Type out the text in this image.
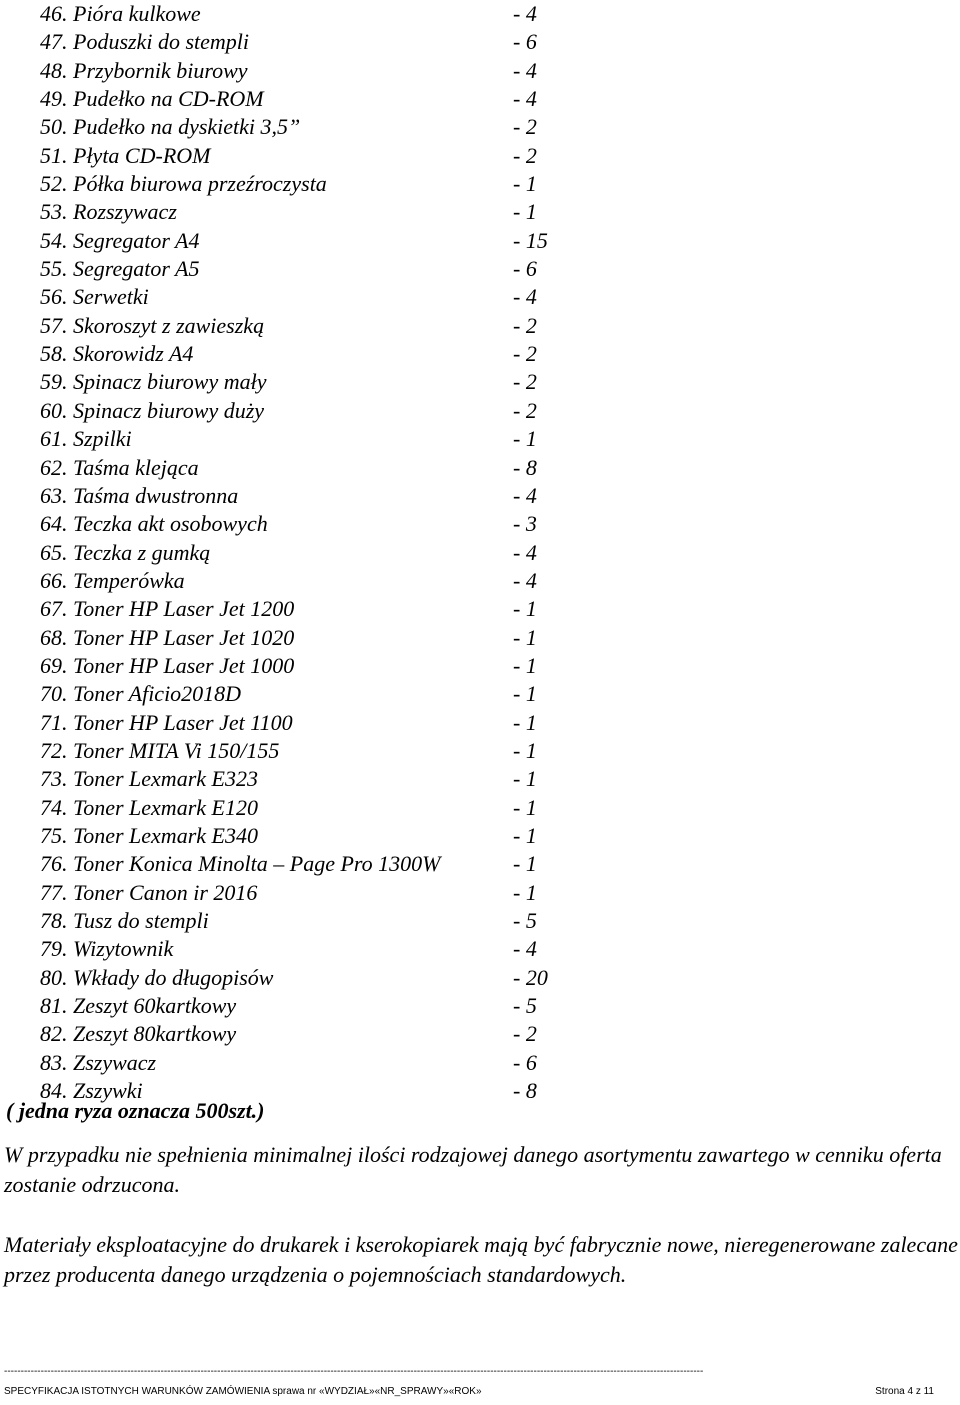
46. Pióra kulkowe	- 4
47. Poduszki do stempli	- 6
48. Przybornik biurowy	- 4
49. Pudełko na CD-ROM	- 4
50. Pudełko na dyskietki 3,5”	- 2
51. Płyta CD-ROM	- 2
52. Półka biurowa przeźroczysta	- 1
53. Rozszywacz	- 1
54. Segregator A4	- 15
55. Segregator A5	- 6
56. Serwetki	- 4
57. Skoroszyt z zawieszką	- 2
58. Skorowidz A4	- 2
59. Spinacz biurowy mały	- 2
60. Spinacz biurowy duży	- 2
61. Szpilki	- 1
62. Taśma klejąca	- 8
63. Taśma dwustronna	- 4
64. Teczka akt osobowych	- 3
65. Teczka z gumką	- 4
66. Temperówka	- 4
67. Toner HP Laser Jet 1200	- 1
68. Toner HP Laser Jet 1020	- 1
69. Toner HP Laser Jet 1000	- 1
70. Toner Aficio2018D	- 1
71. Toner HP Laser Jet 1100	- 1
72. Toner MITA Vi 150/155	- 1
73. Toner Lexmark E323	- 1
74. Toner Lexmark E120	- 1
75. Toner Lexmark E340	- 1
76. Toner Konica Minolta – Page Pro 1300W	- 1
77. Toner Canon ir 2016	- 1
78. Tusz do stempli	- 5
79. Wizytownik	- 4
80. Wkłady do długopisów	- 20
81. Zeszyt 60kartkowy	- 5
82. Zeszyt 80kartkowy	- 2
83. Zszywacz	- 6
84. Zszywki	- 8
( jedna ryza oznacza 500szt.)

W przypadku nie spełnienia minimalnej ilości rodzajowej danego asortymentu zawartego w cenniku oferta zostanie odrzucona.

Materiały eksploatacyjne do drukarek i kserokopiarek mają być fabrycznie nowe, nieregenerowane zalecane przez producenta danego urządzenia o pojemnościach standardowych.

------------------------------------------------------------------------------------------------------------------------------------------------------------------------------------------------------------------
SPECYFIKACJA ISTOTNYCH WARUNKÓW ZAMÓWIENIA sprawa nr «WYDZIAŁ»«NR_SPRAWY»«ROK»	Strona 4 z 11
